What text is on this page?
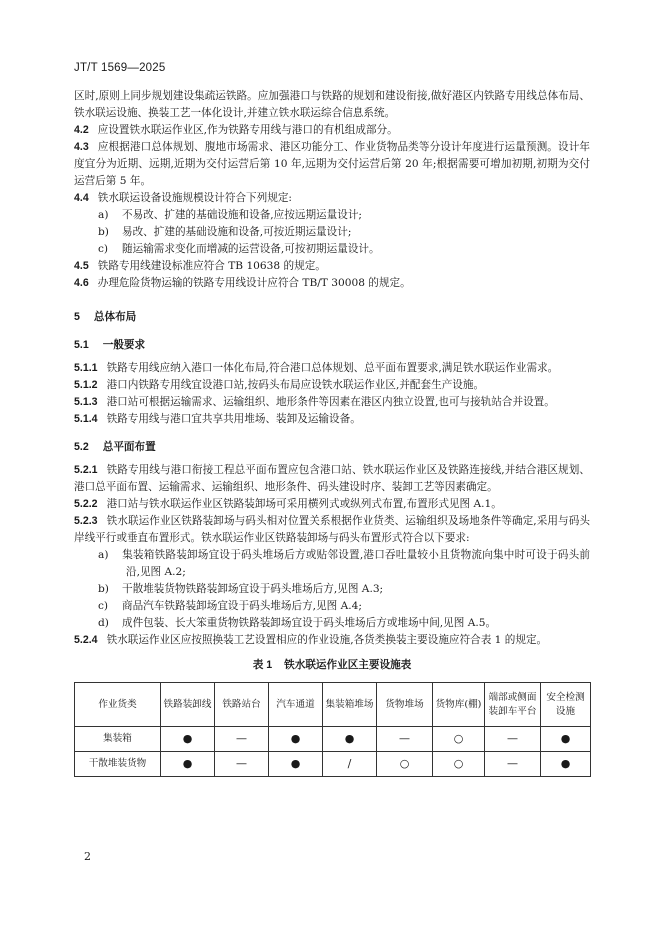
JT/T 1569—2025

区时,原则上同步规划建设集疏运铁路。应加强港口与铁路的规划和建设衔接,做好港区内铁路专用线总体布局、铁水联运设施、换装工艺一体化设计,并建立铁水联运综合信息系统。

4.2 应设置铁水联运作业区,作为铁路专用线与港口的有机组成部分。

4.3 应根据港口总体规划、腹地市场需求、港区功能分工、作业货物品类等分设计年度进行运量预测。设计年度宜分为近期、远期,近期为交付运营后第 10 年,远期为交付运营后第 20 年;根据需要可增加初期,初期为交付运营后第 5 年。

4.4 铁水联运设备设施规模设计符合下列规定:

a) 不易改、扩建的基础设施和设备,应按远期运量设计;

b) 易改、扩建的基础设施和设备,可按近期运量设计;

c) 随运输需求变化而增减的运营设备,可按初期运量设计。

4.5 铁路专用线建设标准应符合 TB 10638 的规定。

4.6 办理危险货物运输的铁路专用线设计应符合 TB/T 30008 的规定。

5 总体布局

5.1 一般要求

5.1.1 铁路专用线应纳入港口一体化布局,符合港口总体规划、总平面布置要求,满足铁水联运作业需求。

5.1.2 港口内铁路专用线宜设港口站,按码头布局应设铁水联运作业区,并配套生产设施。

5.1.3 港口站可根据运输需求、运输组织、地形条件等因素在港区内独立设置,也可与接轨站合并设置。

5.1.4 铁路专用线与港口宜共享共用堆场、装卸及运输设备。

5.2 总平面布置

5.2.1 铁路专用线与港口衔接工程总平面布置应包含港口站、铁水联运作业区及铁路连接线,并结合港区规划、港口总平面布置、运输需求、运输组织、地形条件、码头建设时序、装卸工艺等因素确定。

5.2.2 港口站与铁水联运作业区铁路装卸场可采用横列式或纵列式布置,布置形式见图 A.1。

5.2.3 铁水联运作业区铁路装卸场与码头相对位置关系根据作业货类、运输组织及场地条件等确定,采用与码头岸线平行或垂直布置形式。铁水联运作业区铁路装卸场与码头布置形式符合以下要求:

a) 集装箱铁路装卸场宜设于码头堆场后方或贴邻设置,港口吞吐量较小且货物流向集中时可设于码头前沿,见图 A.2;

b) 干散堆装货物铁路装卸场宜设于码头堆场后方,见图 A.3;

c) 商品汽车铁路装卸场宜设于码头堆场后方,见图 A.4;

d) 成件包装、长大笨重货物铁路装卸场宜设于码头堆场后方或堆场中间,见图 A.5。

5.2.4 铁水联运作业区应按照换装工艺设置相应的作业设施,各货类换装主要设施应符合表 1 的规定。

表 1 铁水联运作业区主要设施表

作业货类	铁路装卸线	铁路站台	汽车通道	集装箱堆场	货物堆场	货物库(棚)	端部或侧面装卸车平台	安全检测设施
集装箱	●	—	●	●	—	○	—	●
干散堆装货物	●	—	●	/	○	○	—	●
2
